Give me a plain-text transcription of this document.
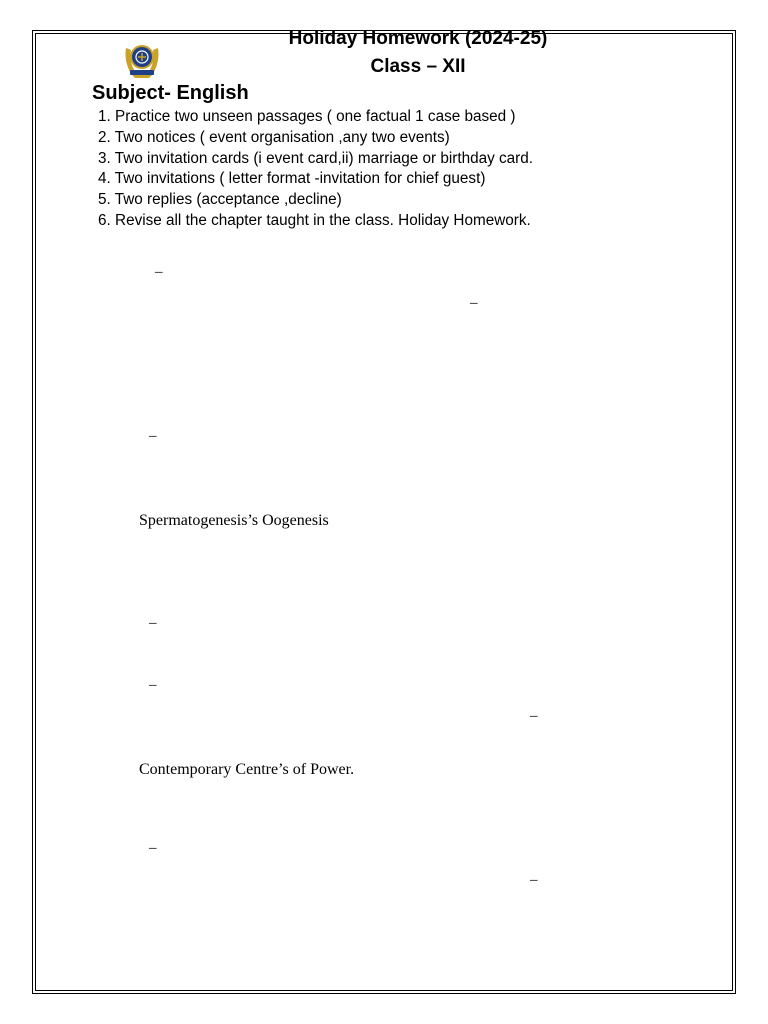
Holiday Homework (2024-25)
Class – XII
Subject- English
1. Practice two unseen passages ( one factual 1 case based )
2. Two notices ( event organisation ,any two events)
3. Two invitation cards (i event card,ii) marriage or birthday card.
4. Two invitations ( letter format -invitation for chief guest)
5. Two replies (acceptance ,decline)
6. Revise all the chapter taught in the class. Holiday Homework.
–
–
–
Spermatogenesis’s Oogenesis
–
–
–
Contemporary Centre’s of Power.
–
–
